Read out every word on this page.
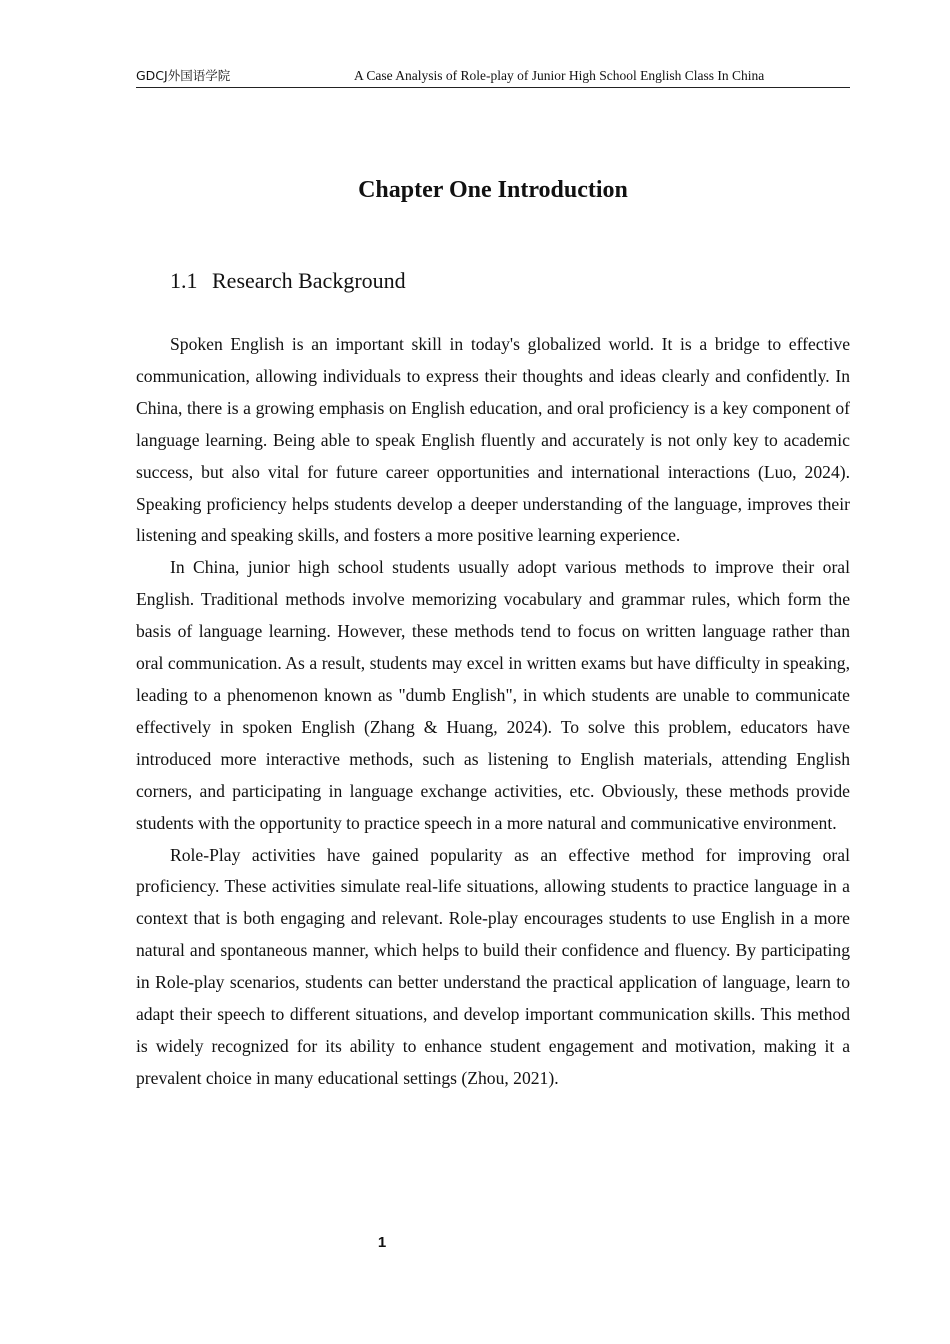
GDCJ外国语学院	A Case Analysis of Role-play of Junior High School English Class In China
Chapter One Introduction
1.1 Research Background

Spoken English is an important skill in today's globalized world. It is a bridge to effective communication, allowing individuals to express their thoughts and ideas clearly and confidently. In China, there is a growing emphasis on English education, and oral proficiency is a key component of language learning. Being able to speak English fluently and accurately is not only key to academic success, but also vital for future career opportunities and international interactions (Luo, 2024). Speaking proficiency helps students develop a deeper understanding of the language, improves their listening and speaking skills, and fosters a more positive learning experience.

In China, junior high school students usually adopt various methods to improve their oral English. Traditional methods involve memorizing vocabulary and grammar rules, which form the basis of language learning. However, these methods tend to focus on written language rather than oral communication. As a result, students may excel in written exams but have difficulty in speaking, leading to a phenomenon known as "dumb English", in which students are unable to communicate effectively in spoken English (Zhang & Huang, 2024). To solve this problem, educators have introduced more interactive methods, such as listening to English materials, attending English corners, and participating in language exchange activities, etc. Obviously, these methods provide students with the opportunity to practice speech in a more natural and communicative environment.

Role-Play activities have gained popularity as an effective method for improving oral proficiency. These activities simulate real-life situations, allowing students to practice language in a context that is both engaging and relevant. Role-play encourages students to use English in a more natural and spontaneous manner, which helps to build their confidence and fluency. By participating in Role-play scenarios, students can better understand the practical application of language, learn to adapt their speech to different situations, and develop important communication skills. This method is widely recognized for its ability to enhance student engagement and motivation, making it a prevalent choice in many educational settings (Zhou, 2021).

1
